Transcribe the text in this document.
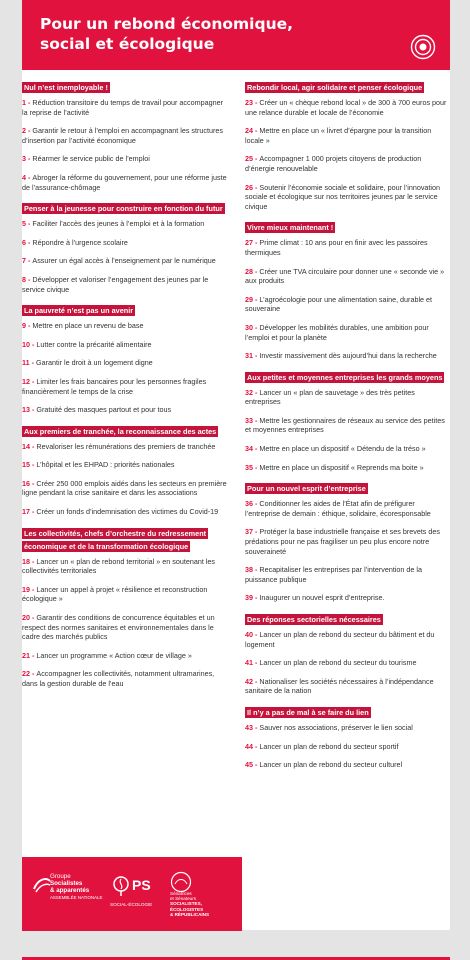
Pour un rebond économique,
social et écologique
Nul n’est inemployable !
1 - Réduction transitoire du temps de travail pour accompagner la reprise de l’activité
2 - Garantir le retour à l’emploi en accompagnant les structures d’insertion par l’activité économique
3 - Réarmer le service public de l’emploi
4 - Abroger la réforme du gouvernement, pour une réforme juste de l’assurance-chômage
Penser à la jeunesse pour construire en fonction du futur
5 - Faciliter l’accès des jeunes à l’emploi et à la formation
6 - Répondre à l’urgence scolaire
7 - Assurer un égal accès à l’enseignement par le numérique
8 - Développer et valoriser l’engagement des jeunes par le service civique
La pauvreté n’est pas un avenir
9 - Mettre en place un revenu de base
10 - Lutter contre la précarité alimentaire
11 - Garantir le droit à un logement digne
12 - Limiter les frais bancaires pour les personnes fragiles financièrement le temps de la crise
13 - Gratuité des masques partout et pour tous
Aux premiers de tranchée, la reconnaissance des actes
14 - Revaloriser les rémunérations des premiers de tranchée
15 - L’hôpital et les EHPAD : priorités nationales
16 - Créer 250 000 emplois aidés dans les secteurs en première ligne pendant la crise sanitaire et dans les associations
17 - Créer un fonds d’indemnisation des victimes du Covid-19
Les collectivités, chefs d’orchestre du redressement économique et de la transformation écologique
18 - Lancer un « plan de rebond territorial » en soutenant les collectivités territoriales
19 - Lancer un appel à projet « résilience et reconstruction écologique »
20 - Garantir des conditions de concurrence équitables et un respect des normes sanitaires et environnementales dans le cadre des marchés publics
21 - Lancer un programme « Action cœur de village »
22 - Accompagner les collectivités, notamment ultramarines, dans la gestion durable de l’eau
Rebondir local, agir solidaire et penser écologique
23 - Créer un « chèque rebond local » de 300 à 700 euros pour une relance durable et locale de l’économie
24 - Mettre en place un « livret d’épargne pour la transition locale »
25 - Accompagner 1 000 projets citoyens de production d’énergie renouvelable
26 - Soutenir l’économie sociale et solidaire, pour l’innovation sociale et écologique sur nos territoires jeunes par le service civique
Vivre mieux maintenant !
27 - Prime climat : 10 ans pour en finir avec les passoires thermiques
28 - Créer une TVA circulaire pour donner une « seconde vie » aux produits
29 - L’agroécologie pour une alimentation saine, durable et souveraine
30 - Développer les mobilités durables, une ambition pour l’emploi et pour la planète
31 - Investir massivement dès aujourd’hui dans la recherche
Aux petites et moyennes entreprises les grands moyens
32 - Lancer un « plan de sauvetage » des très petites entreprises
33 - Mettre les gestionnaires de réseaux au service des petites et moyennes entreprises
34 - Mettre en place un dispositif « Détendu de la tréso »
35 - Mettre en place un dispositif « Reprends ma boite »
Pour un nouvel esprit d’entreprise
36 - Conditionner les aides de l’État afin de préfigurer l’entreprise de demain : éthique, solidaire, écoresponsable
37 - Protéger la base industrielle française et ses brevets des prédations pour ne pas fragiliser un peu plus encore notre souveraineté
38 - Recapitaliser les entreprises par l’intervention de la puissance publique
39 - Inaugurer un nouvel esprit d’entreprise.
Des réponses sectorielles nécessaires
40 - Lancer un plan de rebond du secteur du bâtiment et du logement
41 - Lancer un plan de rebond du secteur du tourisme
42 - Nationaliser les sociétés nécessaires à l’indépendance sanitaire de la nation
Il n’y a pas de mal à se faire du lien
43 - Sauver nos associations, préserver le lien social
44 - Lancer un plan de rebond du secteur sportif
45 - Lancer un plan de rebond du secteur culturel
Groupe
Socialistes
& apparentés
ASSEMBLÉE NATIONALE
PS
SOCIAL-ÉCOLOGIE
Sénatrices
et Sénateurs
SOCIALISTES,
ÉCOLOGISTES
& RÉPUBLICAINS
